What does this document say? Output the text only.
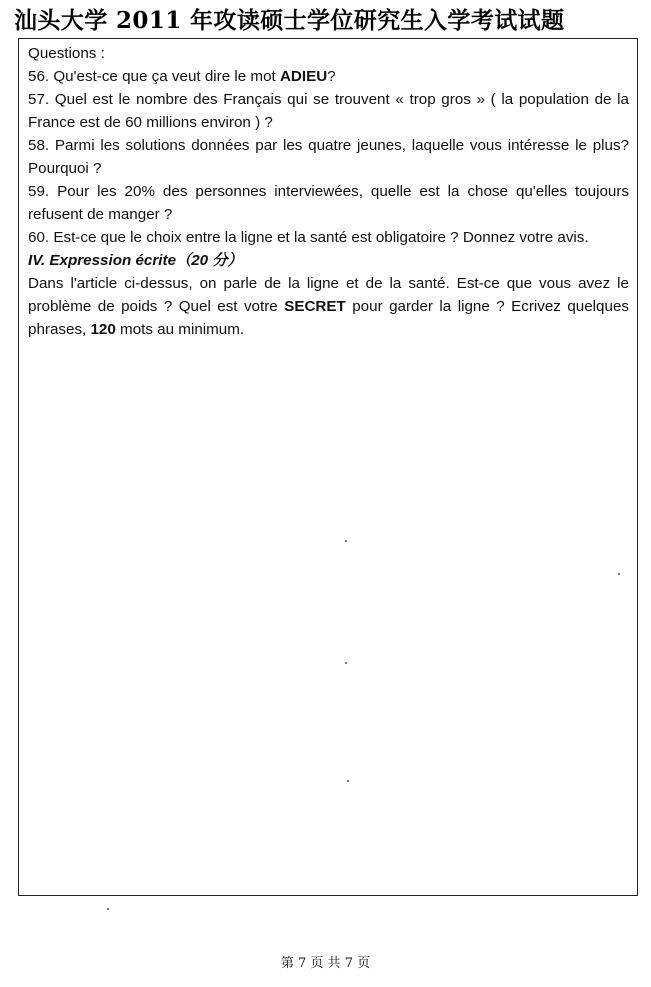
汕头大学 2011 年攻读硕士学位研究生入学考试试题

Questions :

56. Qu'est-ce que ça veut dire le mot ADIEU?

57. Quel est le nombre des Français qui se trouvent « trop gros » ( la population de la France est de 60 millions environ ) ?

58. Parmi les solutions données par les quatre jeunes, laquelle vous intéresse le plus? Pourquoi ?

59. Pour les 20% des personnes interviewées, quelle est la chose qu'elles toujours refusent de manger ?

60. Est-ce que le choix entre la ligne et la santé est obligatoire ? Donnez votre avis.

IV. Expression écrite（20 分）

Dans l'article ci-dessus, on parle de la ligne et de la santé. Est-ce que vous avez le problème de poids ? Quel est votre SECRET pour garder la ligne ? Ecrivez quelques phrases, 120 mots au minimum.

第 7 页 共 7 页
